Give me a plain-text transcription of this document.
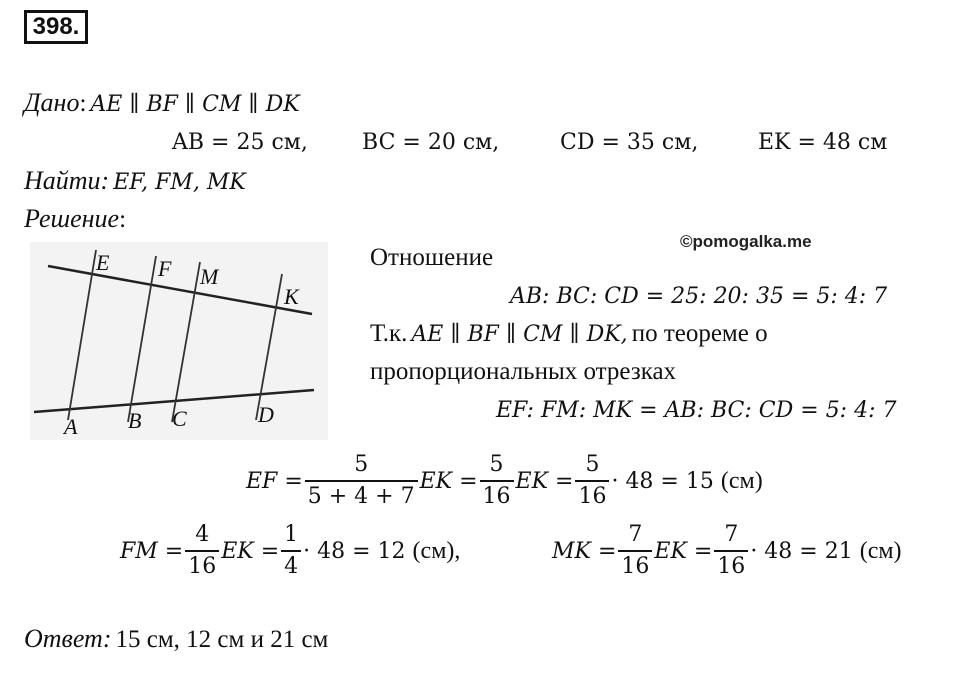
398.
Дано: AE ∥ BF ∥ CM ∥ DK
AB = 25 см, BC = 20 см,	CD = 35 см,	EK = 48 см
Найти: EF, FM, MK
Решение:
E F M
K
A B C	D
©pomogalka.me
Отношение
AB: BC: CD = 25: 20: 35 = 5: 4: 7
Т.к. AE ∥ BF ∥ CM ∥ DK, по теореме о
пропорциональных отрезках
EF: FM: MK = AB: BC: CD = 5: 4: 7
EF = $\frac{5}{5 + 4 + 7}$ EK = $\frac{5}{16}$ EK = $\frac{5}{16} \cdot 48 = 15$
(см)
FM = $\frac{4}{16}$ EK = $\frac{1}{4} \cdot 48 = 12$
(см),	MK = $\frac{7}{16}$ EK = $\frac{7}{16} \cdot 48 = 21$
(см)
Ответ: 15 см, 12 см и 21 см
